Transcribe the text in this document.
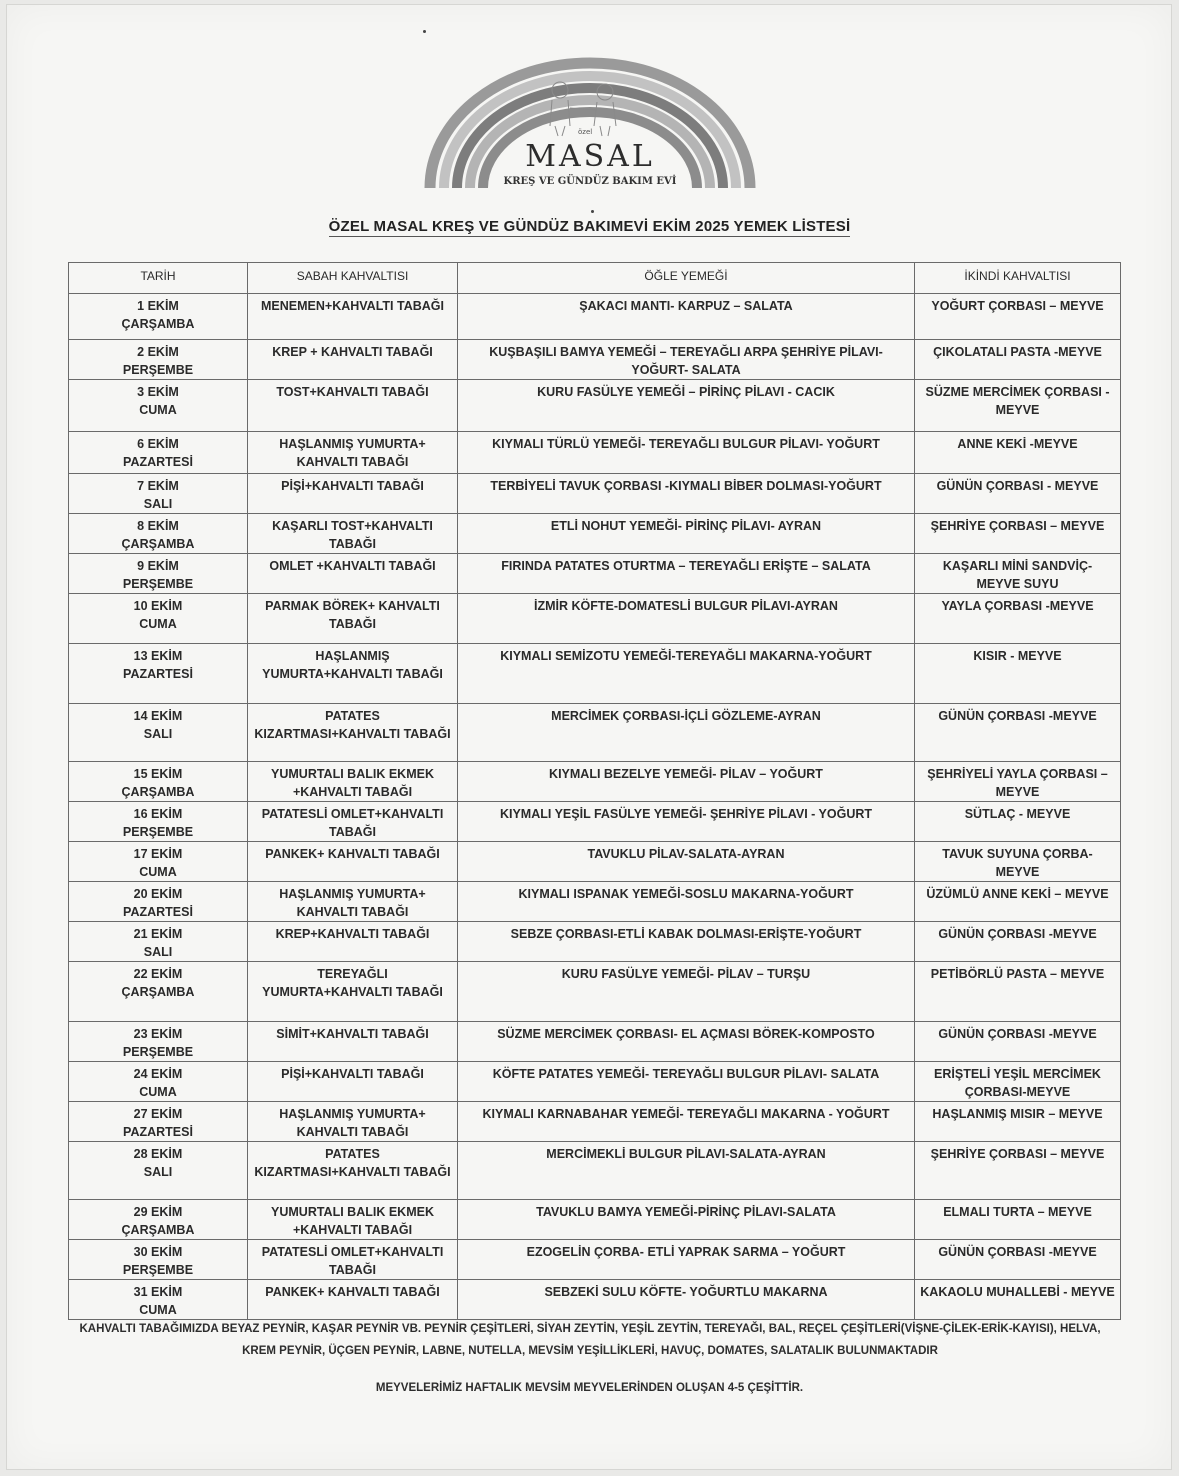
özel
MASAL
KREŞ VE GÜNDÜZ BAKIM EVİ
ÖZEL MASAL KREŞ VE GÜNDÜZ BAKIMEVİ EKİM 2025 YEMEK LİSTESİ
TARİH	SABAH KAHVALTISI	ÖĞLE YEMEĞİ	İKİNDİ KAHVALTISI

1 EKİM
ÇARŞAMBA	MENEMEN+KAHVALTI TABAĞI	ŞAKACI MANTI- KARPUZ – SALATA	YOĞURT ÇORBASI – MEYVE

2 EKİM
PERŞEMBE	KREP + KAHVALTI TABAĞI	KUŞBAŞILI BAMYA YEMEĞİ – TEREYAĞLI ARPA ŞEHRİYE PİLAVI- YOĞURT- SALATA	ÇIKOLATALI PASTA -MEYVE

3 EKİM
CUMA	TOST+KAHVALTI TABAĞI	KURU FASÜLYE YEMEĞİ – PİRİNÇ PİLAVI - CACIK	SÜZME MERCİMEK ÇORBASI -MEYVE

6 EKİM
PAZARTESİ	HAŞLANMIŞ YUMURTA+ KAHVALTI TABAĞI	KIYMALI TÜRLÜ YEMEĞİ- TEREYAĞLI BULGUR PİLAVI- YOĞURT	ANNE KEKİ -MEYVE

7 EKİM
SALI	PİŞİ+KAHVALTI TABAĞI	TERBİYELİ TAVUK ÇORBASI -KIYMALI BİBER DOLMASI-YOĞURT	GÜNÜN ÇORBASI - MEYVE

8 EKİM
ÇARŞAMBA	KAŞARLI TOST+KAHVALTI TABAĞI	ETLİ NOHUT YEMEĞİ- PİRİNÇ PİLAVI- AYRAN	ŞEHRİYE ÇORBASI – MEYVE

9 EKİM
PERŞEMBE	OMLET +KAHVALTI TABAĞI	FIRINDA PATATES OTURTMA – TEREYAĞLI ERİŞTE – SALATA	KAŞARLI MİNİ SANDVİÇ- MEYVE SUYU

10 EKİM
CUMA	PARMAK BÖREK+ KAHVALTI TABAĞI	İZMİR KÖFTE-DOMATESLİ BULGUR PİLAVI-AYRAN	YAYLA ÇORBASI -MEYVE

13 EKİM
PAZARTESİ	HAŞLANMIŞ YUMURTA+KAHVALTI TABAĞI	KIYMALI SEMİZOTU YEMEĞİ-TEREYAĞLI MAKARNA-YOĞURT	KISIR - MEYVE

14 EKİM
SALI	PATATES KIZARTMASI+KAHVALTI TABAĞI	MERCİMEK ÇORBASI-İÇLİ GÖZLEME-AYRAN	GÜNÜN ÇORBASI -MEYVE

15 EKİM
ÇARŞAMBA	YUMURTALI BALIK EKMEK +KAHVALTI TABAĞI	KIYMALI BEZELYE YEMEĞİ- PİLAV – YOĞURT	ŞEHRİYELİ YAYLA ÇORBASI – MEYVE

16 EKİM
PERŞEMBE	PATATESLİ OMLET+KAHVALTI TABAĞI	KIYMALI YEŞİL FASÜLYE YEMEĞİ- ŞEHRİYE PİLAVI - YOĞURT	SÜTLAÇ - MEYVE

17 EKİM
CUMA	PANKEK+ KAHVALTI TABAĞI	TAVUKLU PİLAV-SALATA-AYRAN	TAVUK SUYUNA ÇORBA- MEYVE

20 EKİM
PAZARTESİ	HAŞLANMIŞ YUMURTA+ KAHVALTI TABAĞI	KIYMALI ISPANAK YEMEĞİ-SOSLU MAKARNA-YOĞURT	ÜZÜMLÜ ANNE KEKİ – MEYVE

21 EKİM
SALI	KREP+KAHVALTI TABAĞI	SEBZE ÇORBASI-ETLİ KABAK DOLMASI-ERİŞTE-YOĞURT	GÜNÜN ÇORBASI -MEYVE

22 EKİM
ÇARŞAMBA	TEREYAĞLI YUMURTA+KAHVALTI TABAĞI	KURU FASÜLYE YEMEĞİ- PİLAV – TURŞU	PETİBÖRLÜ PASTA – MEYVE

23 EKİM
PERŞEMBE	SİMİT+KAHVALTI TABAĞI	SÜZME MERCİMEK ÇORBASI- EL AÇMASI BÖREK-KOMPOSTO	GÜNÜN ÇORBASI -MEYVE

24 EKİM
CUMA	PİŞİ+KAHVALTI TABAĞI	KÖFTE PATATES YEMEĞİ- TEREYAĞLI BULGUR PİLAVI- SALATA	ERİŞTELİ YEŞİL MERCİMEK ÇORBASI-MEYVE

27 EKİM
PAZARTESİ	HAŞLANMIŞ YUMURTA+ KAHVALTI TABAĞI	KIYMALI KARNABAHAR YEMEĞİ- TEREYAĞLI MAKARNA - YOĞURT	HAŞLANMIŞ MISIR – MEYVE

28 EKİM
SALI	PATATES KIZARTMASI+KAHVALTI TABAĞI	MERCİMEKLİ BULGUR PİLAVI-SALATA-AYRAN	ŞEHRİYE ÇORBASI – MEYVE

29 EKİM
ÇARŞAMBA	YUMURTALI BALIK EKMEK +KAHVALTI TABAĞI	TAVUKLU BAMYA YEMEĞİ-PİRİNÇ PİLAVI-SALATA	ELMALI TURTA – MEYVE

30 EKİM
PERŞEMBE	PATATESLİ OMLET+KAHVALTI TABAĞI	EZOGELİN ÇORBA- ETLİ YAPRAK SARMA – YOĞURT	GÜNÜN ÇORBASI -MEYVE

31 EKİM
CUMA	PANKEK+ KAHVALTI TABAĞI	SEBZEKİ SULU KÖFTE- YOĞURTLU MAKARNA	KAKAOLU MUHALLEBİ - MEYVE
KAHVALTI TABAĞIMIZDA BEYAZ PEYNİR, KAŞAR PEYNİR VB. PEYNİR ÇEŞİTLERİ, SİYAH ZEYTİN, YEŞİL ZEYTİN, TEREYAĞI, BAL, REÇEL ÇEŞİTLERİ(VİŞNE-ÇİLEK-ERİK-KAYISI), HELVA, KREM PEYNİR, ÜÇGEN PEYNİR, LABNE, NUTELLA, MEVSİM YEŞİLLİKLERİ, HAVUÇ, DOMATES, SALATALIK BULUNMAKTADIR
MEYVELERİMİZ HAFTALIK MEVSİM MEYVELERİNDEN OLUŞAN 4-5 ÇEŞİTTİR.
